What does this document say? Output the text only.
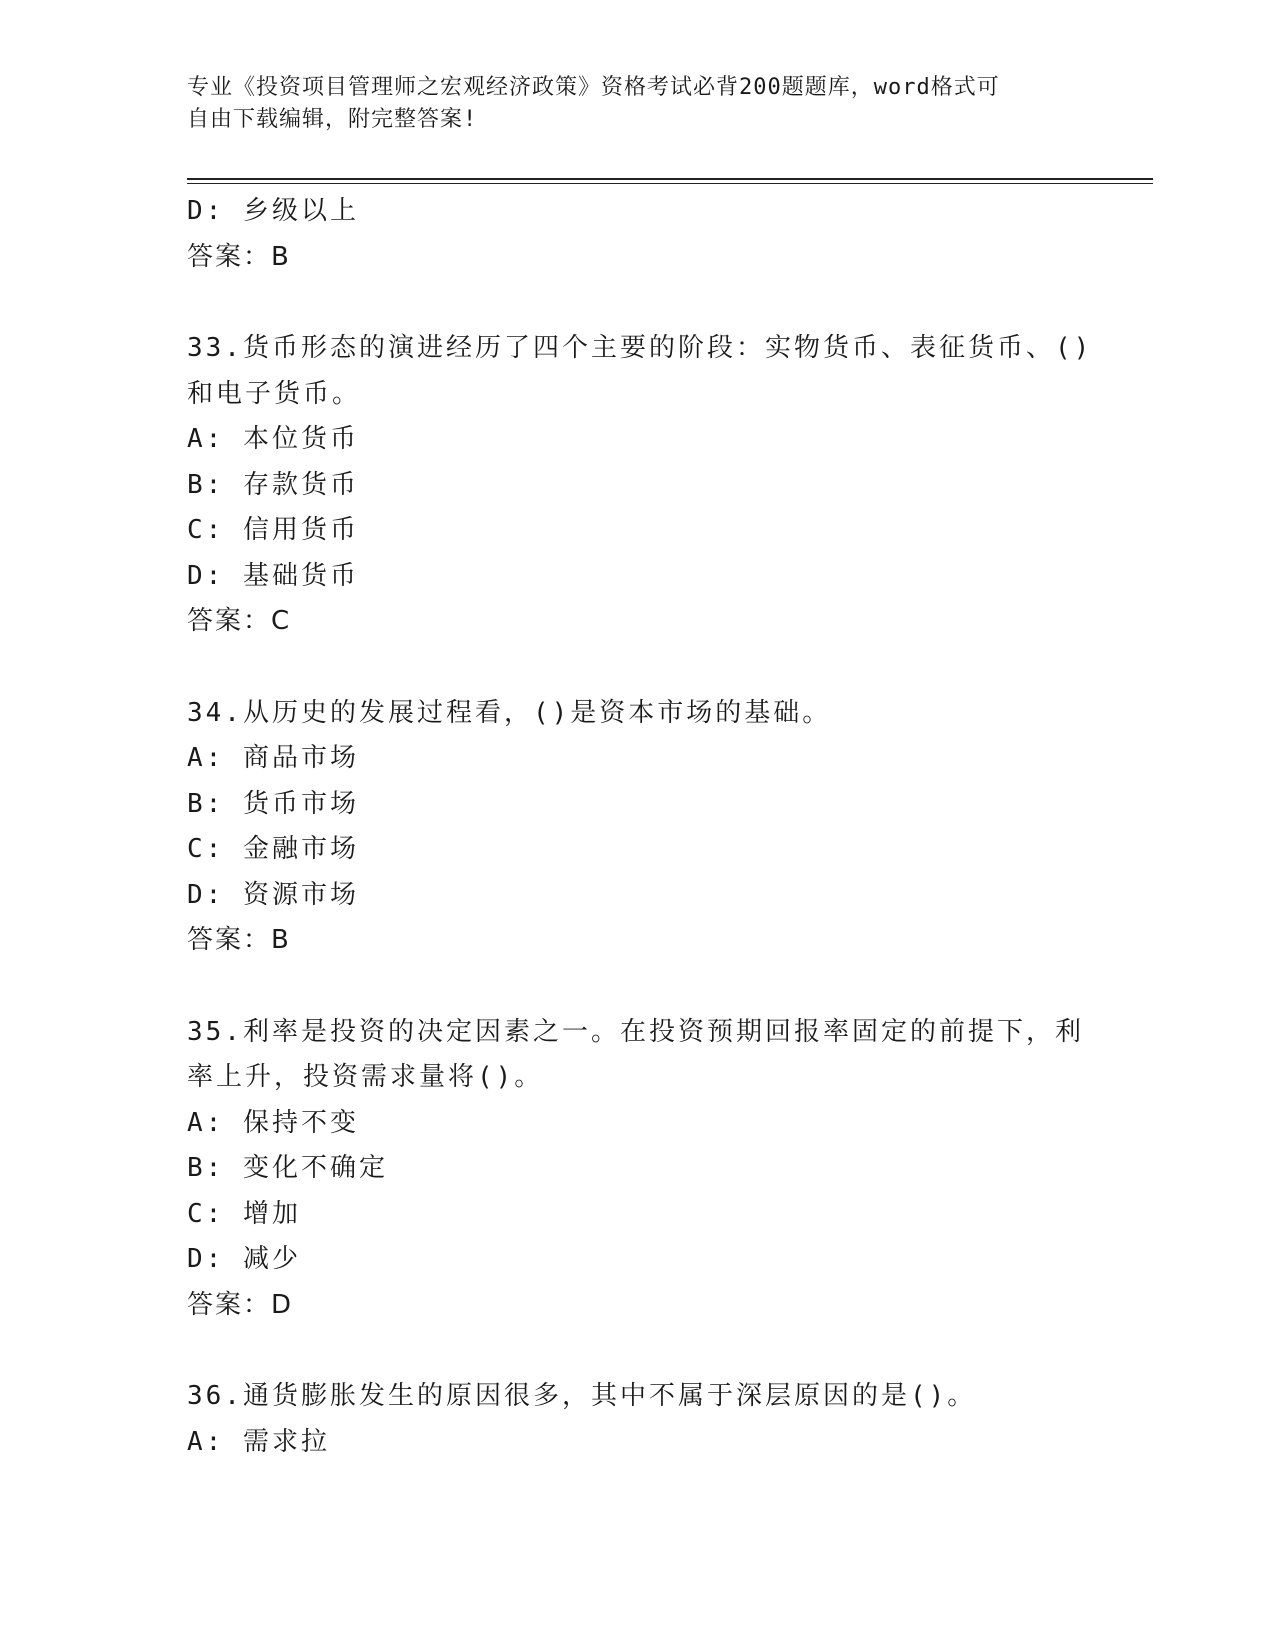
专业《投资项目管理师之宏观经济政策》资格考试必背200题题库，word格式可
自由下载编辑，附完整答案!
D: 乡级以上
答案：B
33.货币形态的演进经历了四个主要的阶段：实物货币、表征货币、()
和电子货币。
A: 本位货币
B: 存款货币
C: 信用货币
D: 基础货币
答案：C
34.从历史的发展过程看，()是资本市场的基础。
A: 商品市场
B: 货币市场
C: 金融市场
D: 资源市场
答案：B
35.利率是投资的决定因素之一。在投资预期回报率固定的前提下，利
率上升，投资需求量将()。
A: 保持不变
B: 变化不确定
C: 增加
D: 减少
答案：D
36.通货膨胀发生的原因很多，其中不属于深层原因的是()。
A: 需求拉
